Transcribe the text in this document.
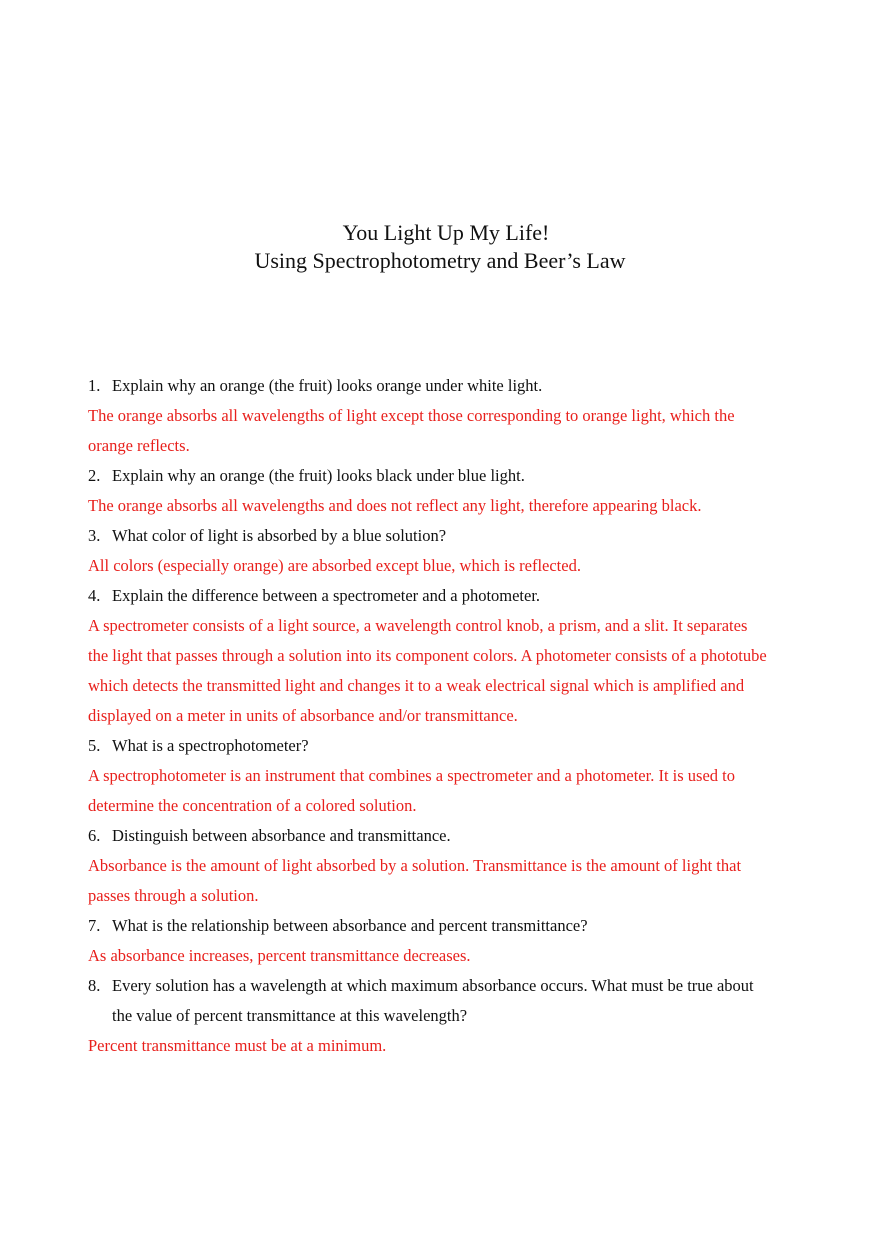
You Light Up My Life!
Using Spectrophotometry and Beer’s Law
1. Explain why an orange (the fruit) looks orange under white light.

The orange absorbs all wavelengths of light except those corresponding to orange light, which the orange reflects.

2. Explain why an orange (the fruit) looks black under blue light.

The orange absorbs all wavelengths and does not reflect any light, therefore appearing black.

3. What color of light is absorbed by a blue solution?

All colors (especially orange) are absorbed except blue, which is reflected.

4. Explain the difference between a spectrometer and a photometer.

A spectrometer consists of a light source, a wavelength control knob, a prism, and a slit. It separates the light that passes through a solution into its component colors. A photometer consists of a phototube which detects the transmitted light and changes it to a weak electrical signal which is amplified and displayed on a meter in units of absorbance and/or transmittance.

5. What is a spectrophotometer?

A spectrophotometer is an instrument that combines a spectrometer and a photometer. It is used to determine the concentration of a colored solution.

6. Distinguish between absorbance and transmittance.

Absorbance is the amount of light absorbed by a solution. Transmittance is the amount of light that passes through a solution.

7. What is the relationship between absorbance and percent transmittance?

As absorbance increases, percent transmittance decreases.

8. Every solution has a wavelength at which maximum absorbance occurs. What must be true about the value of percent transmittance at this wavelength?

Percent transmittance must be at a minimum.
